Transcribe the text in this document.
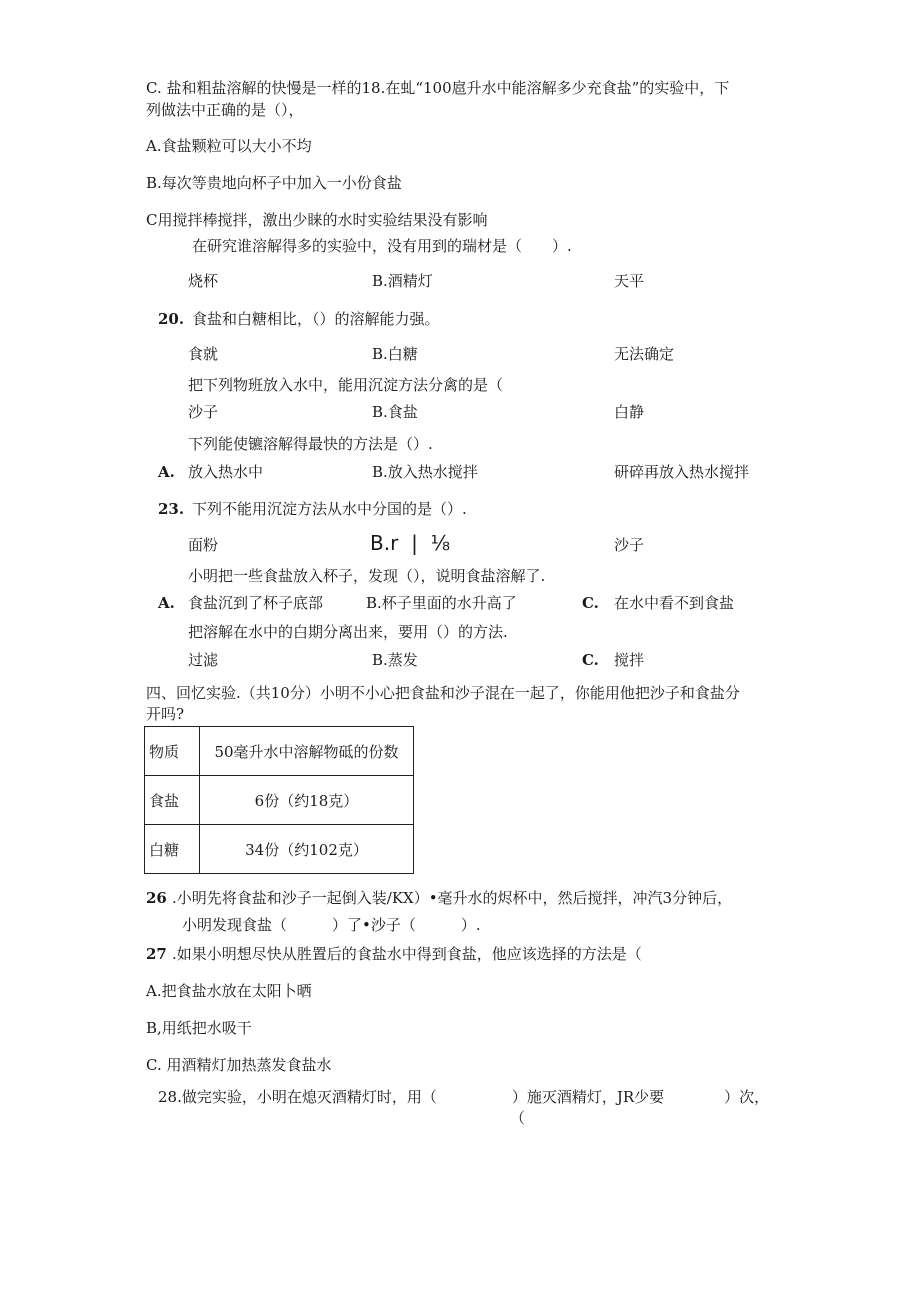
C. 盐和粗盐溶解的快慢是一样的18.在虬“100扈升水中能溶解多少充食盐”的实验中，下
列做法中正确的是（），
A.食盐颗粒可以大小不均
B.每次等贵地向杯子中加入一小份食盐
C用搅拌棒搅拌，激出少睐的水时实验结果没有影响
在研究谁溶解得多的实验中，没有用到的瑞材是（　　）.
烧杯	B.酒精灯	天平
20. 食盐和白糖相比，（）的溶解能力强。
食就	B.白糖	无法确定
把下列物班放入水中，能用沉淀方法分禽的是（
沙子	B.食盐	白静
下列能使镳溶解得最快的方法是（）.
A. 放入热水中	B.放入热水搅拌	研碎再放入热水搅拌
23. 下列不能用沉淀方法从水中分国的是（）.
面粉	B.r | ⅛	沙子
小明把一些食盐放入杯子，发现（），说明食盐溶解了.
A. 食盐沉到了杯子底部	B.杯子里面的水升高了	C. 在水中看不到食盐
把溶解在水中的白期分离出来，要用（）的方法.
过滤	B.蒸发	C. 搅拌
四、回忆实验.（共10分）小明不小心把食盐和沙子混在一起了，你能用他把沙子和食盐分
开吗?
物质	50毫升水中溶解物砥的份数
食盐	6份（约18克）
白糖	34份（约102克）
26 .小明先将食盐和沙子一起倒入装/KX）•毫升水的烬杯中，然后搅拌，冲汽3分钟后，
小明发现食盐（　　　）了•沙子（　　　）.
27 .如果小明想尽快从胜置后的食盐水中得到食盐，他应该选择的方法是（
A.把食盐水放在太阳卜晒
B,用纸把水吸干
C. 用酒精灯加热蒸发食盐水
28.做完实验，小明在熄灭酒精灯时，用（　　　　　）施灭酒精灯，JR少要　　　　）次，
（
